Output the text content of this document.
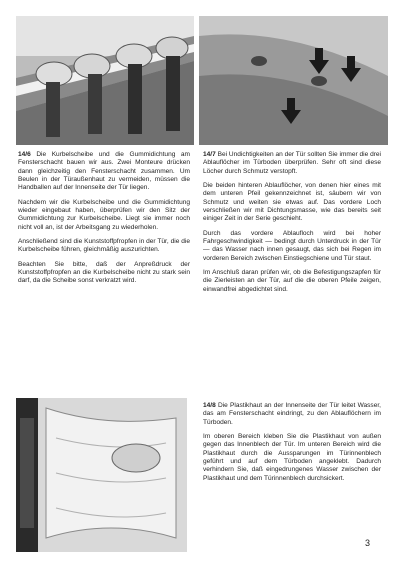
14/6 Die Kurbelscheibe und die Gummidichtung am Fensterschacht bauen wir aus. Zwei Monteure drücken dann gleichzeitig den Fensterschacht zusammen. Um Beulen in der Türaußenhaut zu vermeiden, müssen die Handballen auf der Innenseite der Tür liegen.

Nachdem wir die Kurbelscheibe und die Gummidichtung wieder eingebaut haben, überprüfen wir den Sitz der Gummidichtung zur Kurbelscheibe. Liegt sie immer noch nicht voll an, ist der Arbeitsgang zu wiederholen.

Anschließend sind die Kunststoffpfropfen in der Tür, die die Kurbelscheibe führen, gleichmäßig auszurichten.

Beachten Sie bitte, daß der Anpreßdruck der Kunststoffpfropfen an die Kurbelscheibe nicht zu stark sein darf, da die Scheibe sonst verkratzt wird.

14/7 Bei Undichtigkeiten an der Tür sollten Sie immer die drei Ablauflöcher im Türboden überprüfen. Sehr oft sind diese Löcher durch Schmutz verstopft.

Die beiden hinteren Ablauflöcher, von denen hier eines mit dem unteren Pfeil gekennzeichnet ist, säubern wir von Schmutz und weiten sie etwas auf. Das vordere Loch verschließen wir mit Dichtungsmasse, wie das bereits seit einiger Zeit in der Serie geschieht.

Durch das vordere Ablaufloch wird bei hoher Fahrgeschwindigkeit — bedingt durch Unterdruck in der Tür — das Wasser nach innen gesaugt, das sich bei Regen im vorderen Bereich zwischen Einstiegschiene und Tür staut.

Im Anschluß daran prüfen wir, ob die Befestigungszapfen für die Zierleisten an der Tür, auf die die oberen Pfeile zeigen, einwandfrei abgedichtet sind.

14/8 Die Plastikhaut an der Innenseite der Tür leitet Wasser, das am Fensterschacht eindringt, zu den Ablauflöchern im Türboden.

Im oberen Bereich kleben Sie die Plastikhaut von außen gegen das Innenblech der Tür. Im unteren Bereich wird die Plastikhaut durch die Aussparungen im Türinnenblech geführt und auf dem Türboden angeklebt. Dadurch verhindern Sie, daß eingedrungenes Wasser zwischen der Plastikhaut und dem Türinnenblech durchsickert.

3
